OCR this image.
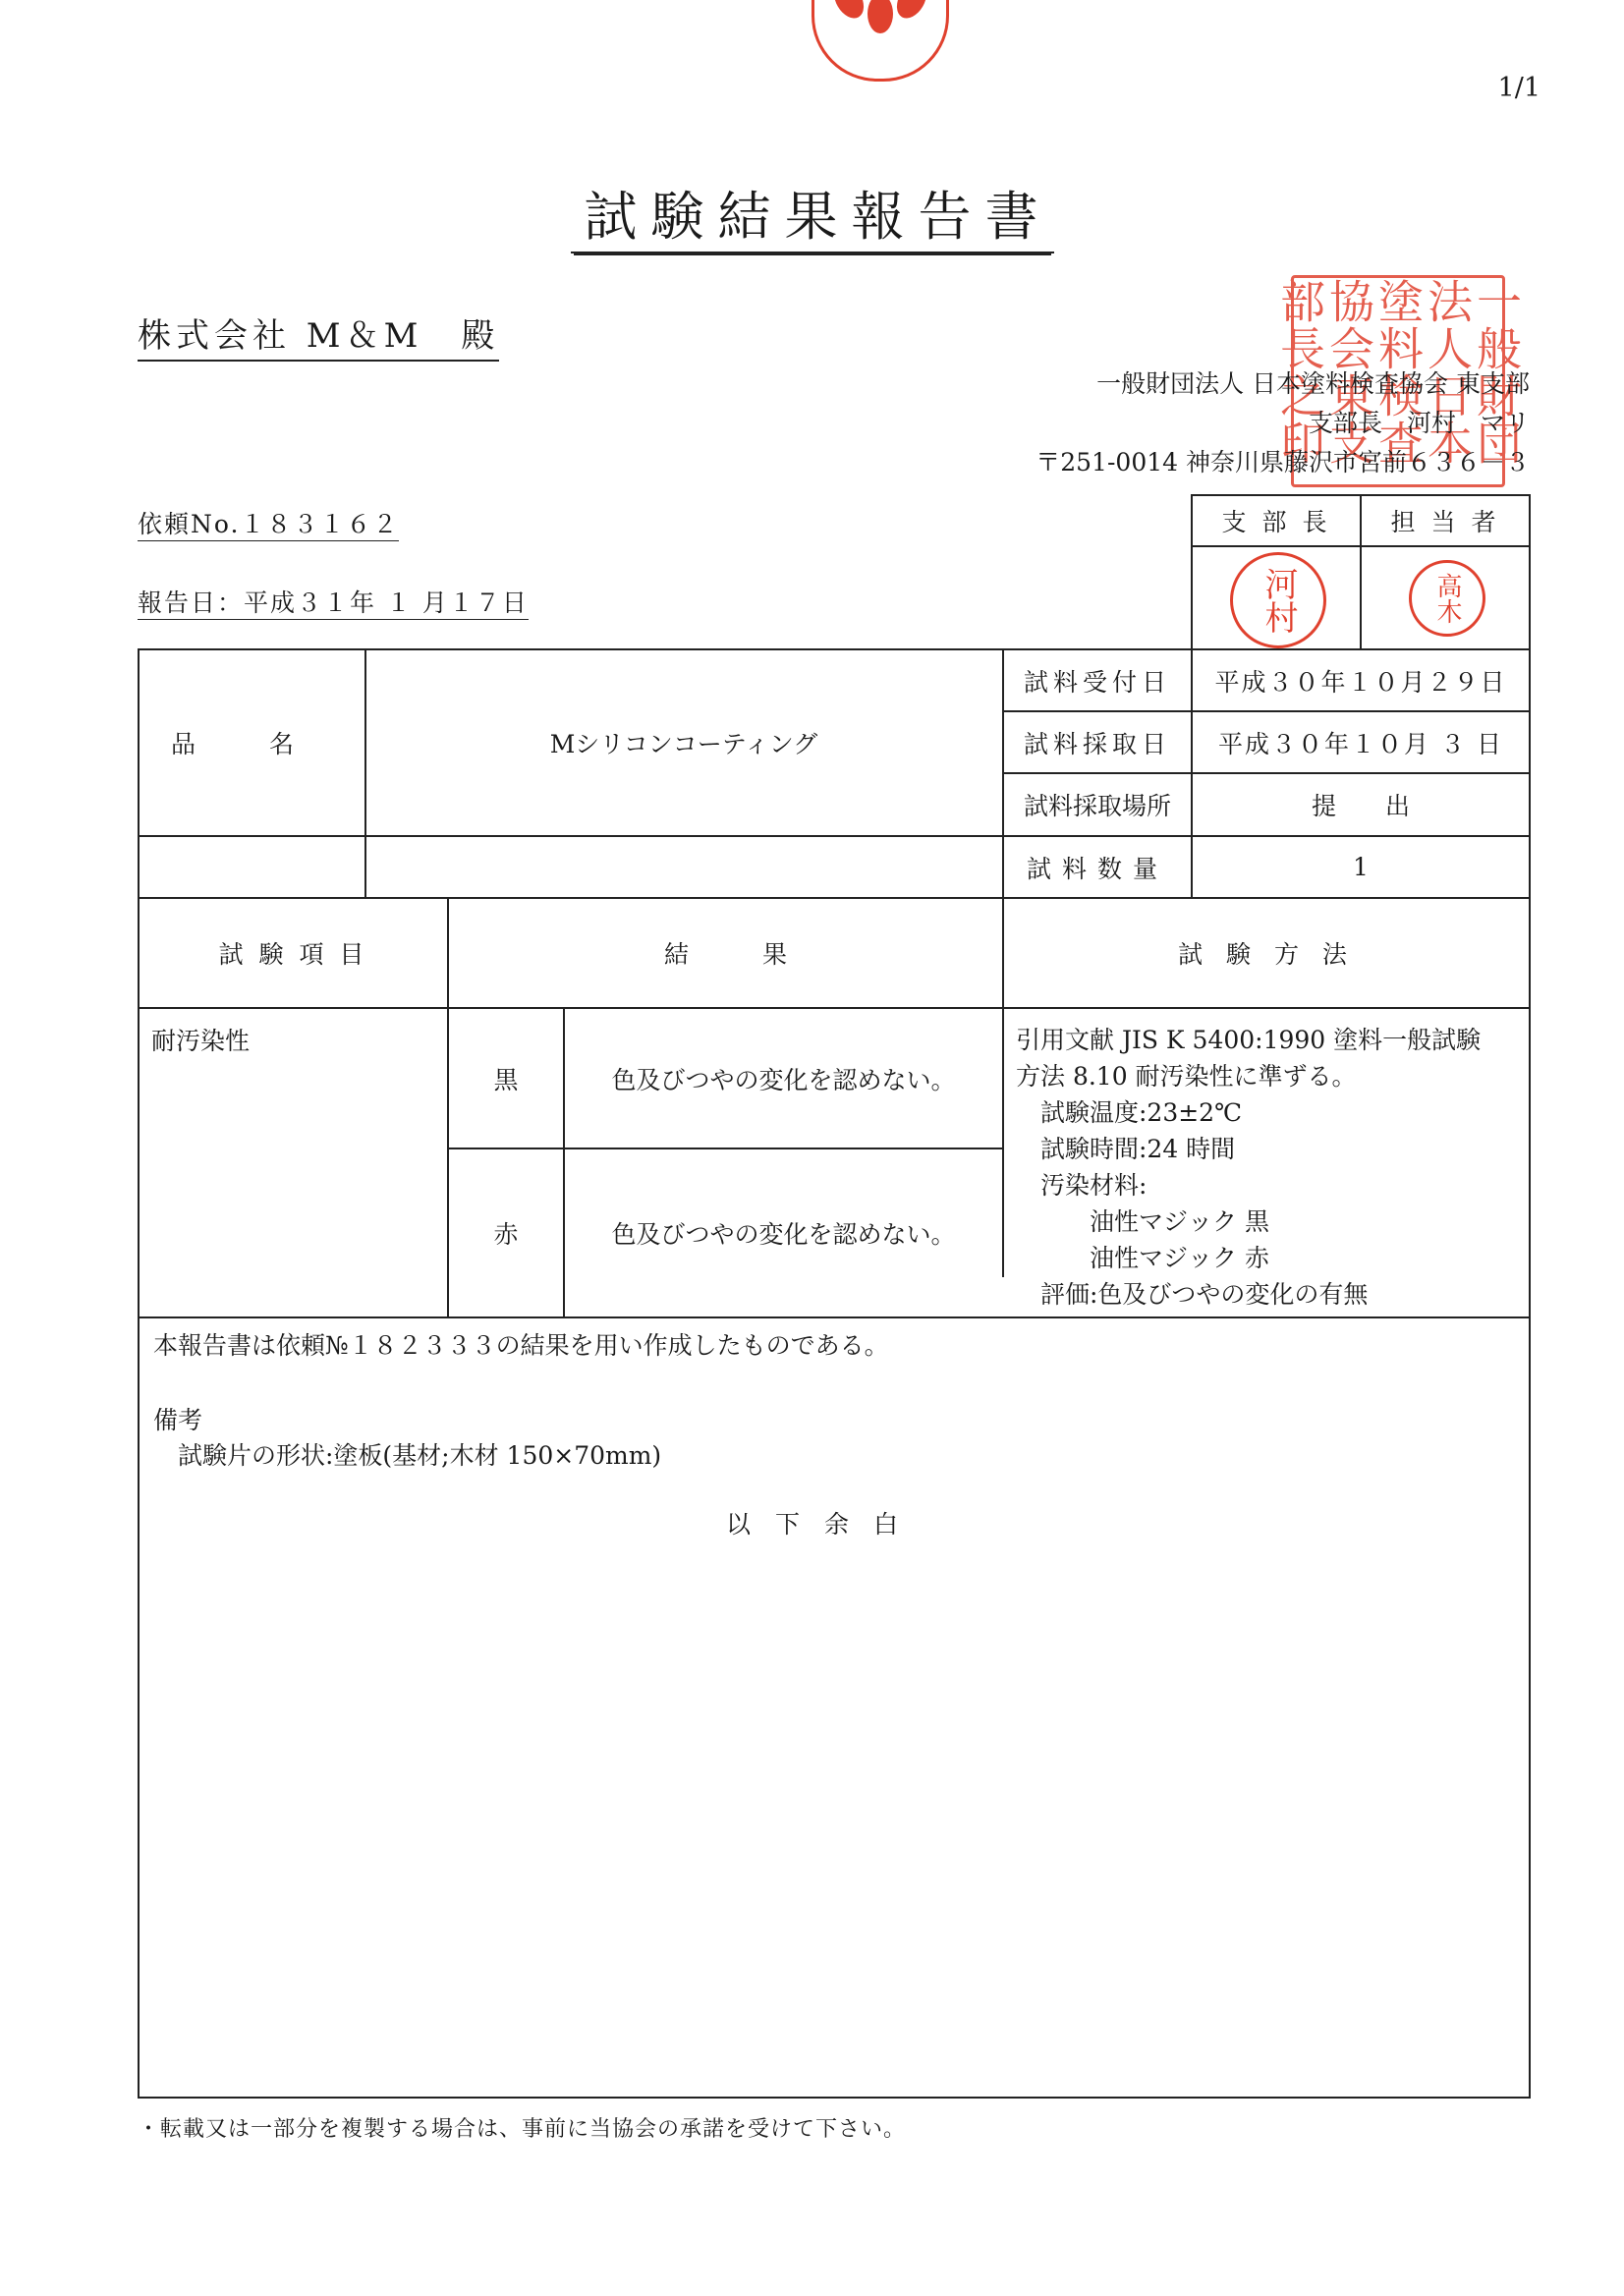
1/1
試験結果報告書
株式会社 M＆M　殿	一般財団法人日本塗料検査協会東支部長之印
一般財団法人 日本塗料検査協会 東支部
支部長　河村　マリ
〒251-0014 神奈川県藤沢市宮前６３６－３
依頼No.１８３１６２
報告日：平成３１年 １ 月１７日
支 部 長	担 当 者
河村	高木
品　　　名	Mシリコンコーティング
試料受付日	平成３０年１０月２９日
試料採取日	平成３０年１０月 ３ 日
試料採取場所	提　　出
試料数量	1
試 験 項 目	結　　　果	試 験 方 法
耐汚染性
黒	色及びつやの変化を認めない。
赤	色及びつやの変化を認めない。
引用文献 JIS K 5400:1990 塗料一般試験
方法 8.10 耐汚染性に準ずる。
　試験温度:23±2℃
　試験時間:24 時間
　汚染材料:
　　　油性マジック 黒
　　　油性マジック 赤
　評価:色及びつやの変化の有無
本報告書は依頼№１８２３３３の結果を用い作成したものである。
備考
　試験片の形状:塗板(基材;木材 150×70mm)
以　下　余　白
・転載又は一部分を複製する場合は、事前に当協会の承諾を受けて下さい。
